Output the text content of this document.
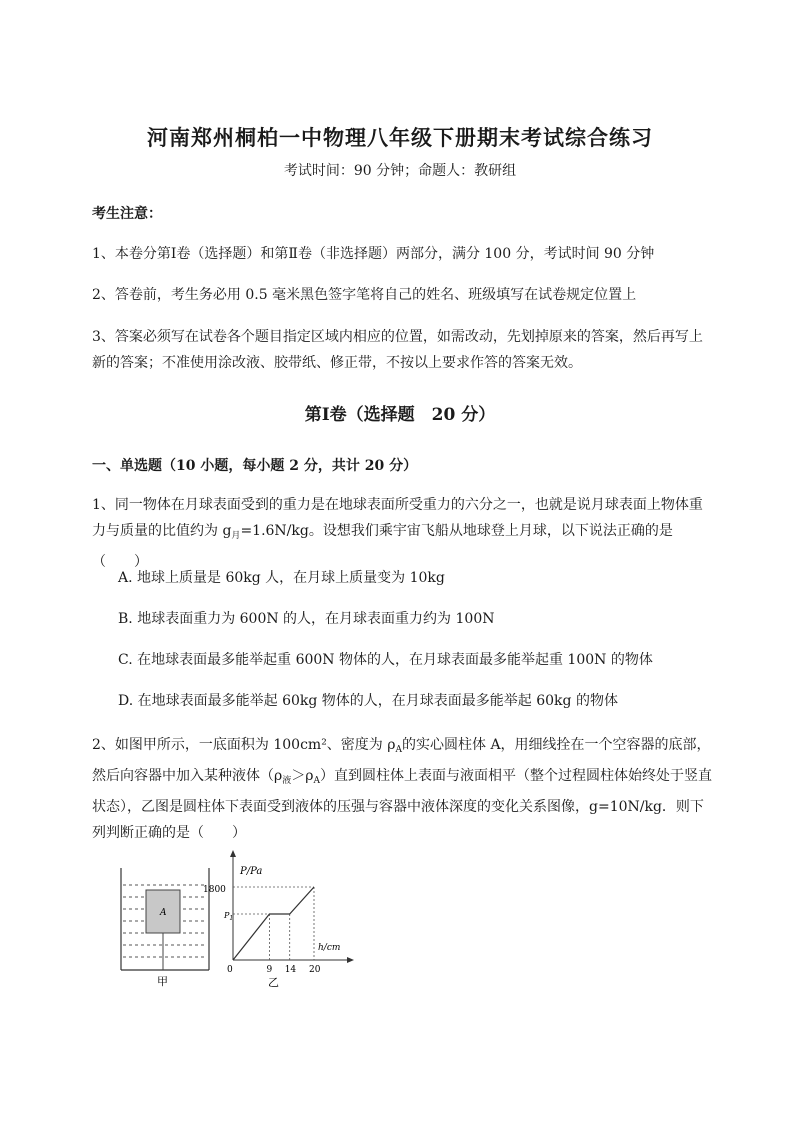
河南郑州桐柏一中物理八年级下册期末考试综合练习
考试时间：90 分钟；命题人：教研组
考生注意：
1、本卷分第Ⅰ卷（选择题）和第Ⅱ卷（非选择题）两部分，满分 100 分，考试时间 90 分钟
2、答卷前，考生务必用 0.5 毫米黑色签字笔将自己的姓名、班级填写在试卷规定位置上
3、答案必须写在试卷各个题目指定区域内相应的位置，如需改动，先划掉原来的答案，然后再写上新的答案；不准使用涂改液、胶带纸、修正带，不按以上要求作答的答案无效。
第Ⅰ卷（选择题　20 分）
一、单选题（10 小题，每小题 2 分，共计 20 分）
1、同一物体在月球表面受到的重力是在地球表面所受重力的六分之一，也就是说月球表面上物体重力与质量的比值约为 $g_月=1.6N/kg$。设想我们乘宇宙飞船从地球登上月球，以下说法正确的是（　　）
A. 地球上质量是 60kg 人，在月球上质量变为 10kg
B. 地球表面重力为 600N 的人，在月球表面重力约为 100N
C. 在地球表面最多能举起重 600N 物体的人，在月球表面最多能举起重 100N 的物体
D. 在地球表面最多能举起 60kg 物体的人，在月球表面最多能举起 60kg 的物体
2、如图甲所示，一底面积为 100cm²、密度为 $\rho_A$的实心圆柱体 A，用细线拴在一个空容器的底部，然后向容器中加入某种液体$(\rho_液>\rho_A)$直到圆柱体上表面与液面相平（整个过程圆柱体始终处于竖直状态），乙图是圆柱体下表面受到液体的压强与容器中液体深度的变化关系图像，g=10N/kg．则下列判断正确的是（　　）
A
甲
P/Pa
h/cm
1800
$P_1$
0	9 14 20
乙
